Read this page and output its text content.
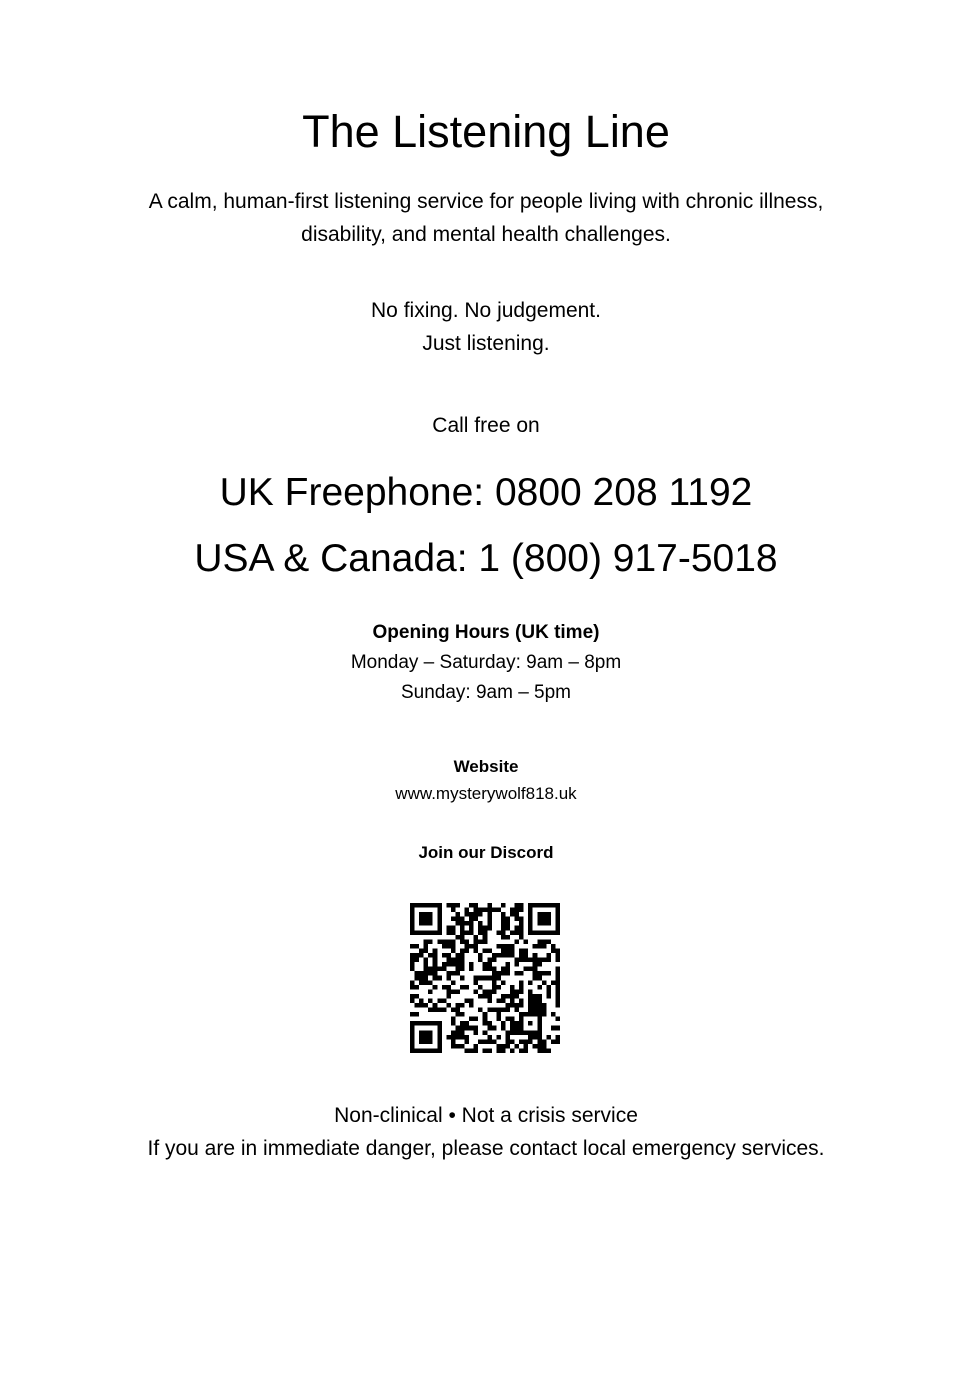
The Listening Line
A calm, human-first listening service for people living with chronic illness,
disability, and mental health challenges.
No fixing. No judgement.
Just listening.
Call free on
UK Freephone: 0800 208 1192
USA & Canada: 1 (800) 917-5018
Opening Hours (UK time)
Monday – Saturday: 9am – 8pm
Sunday: 9am – 5pm
Website
www.mysterywolf818.uk
Join our Discord
Non-clinical • Not a crisis service
If you are in immediate danger, please contact local emergency services.
